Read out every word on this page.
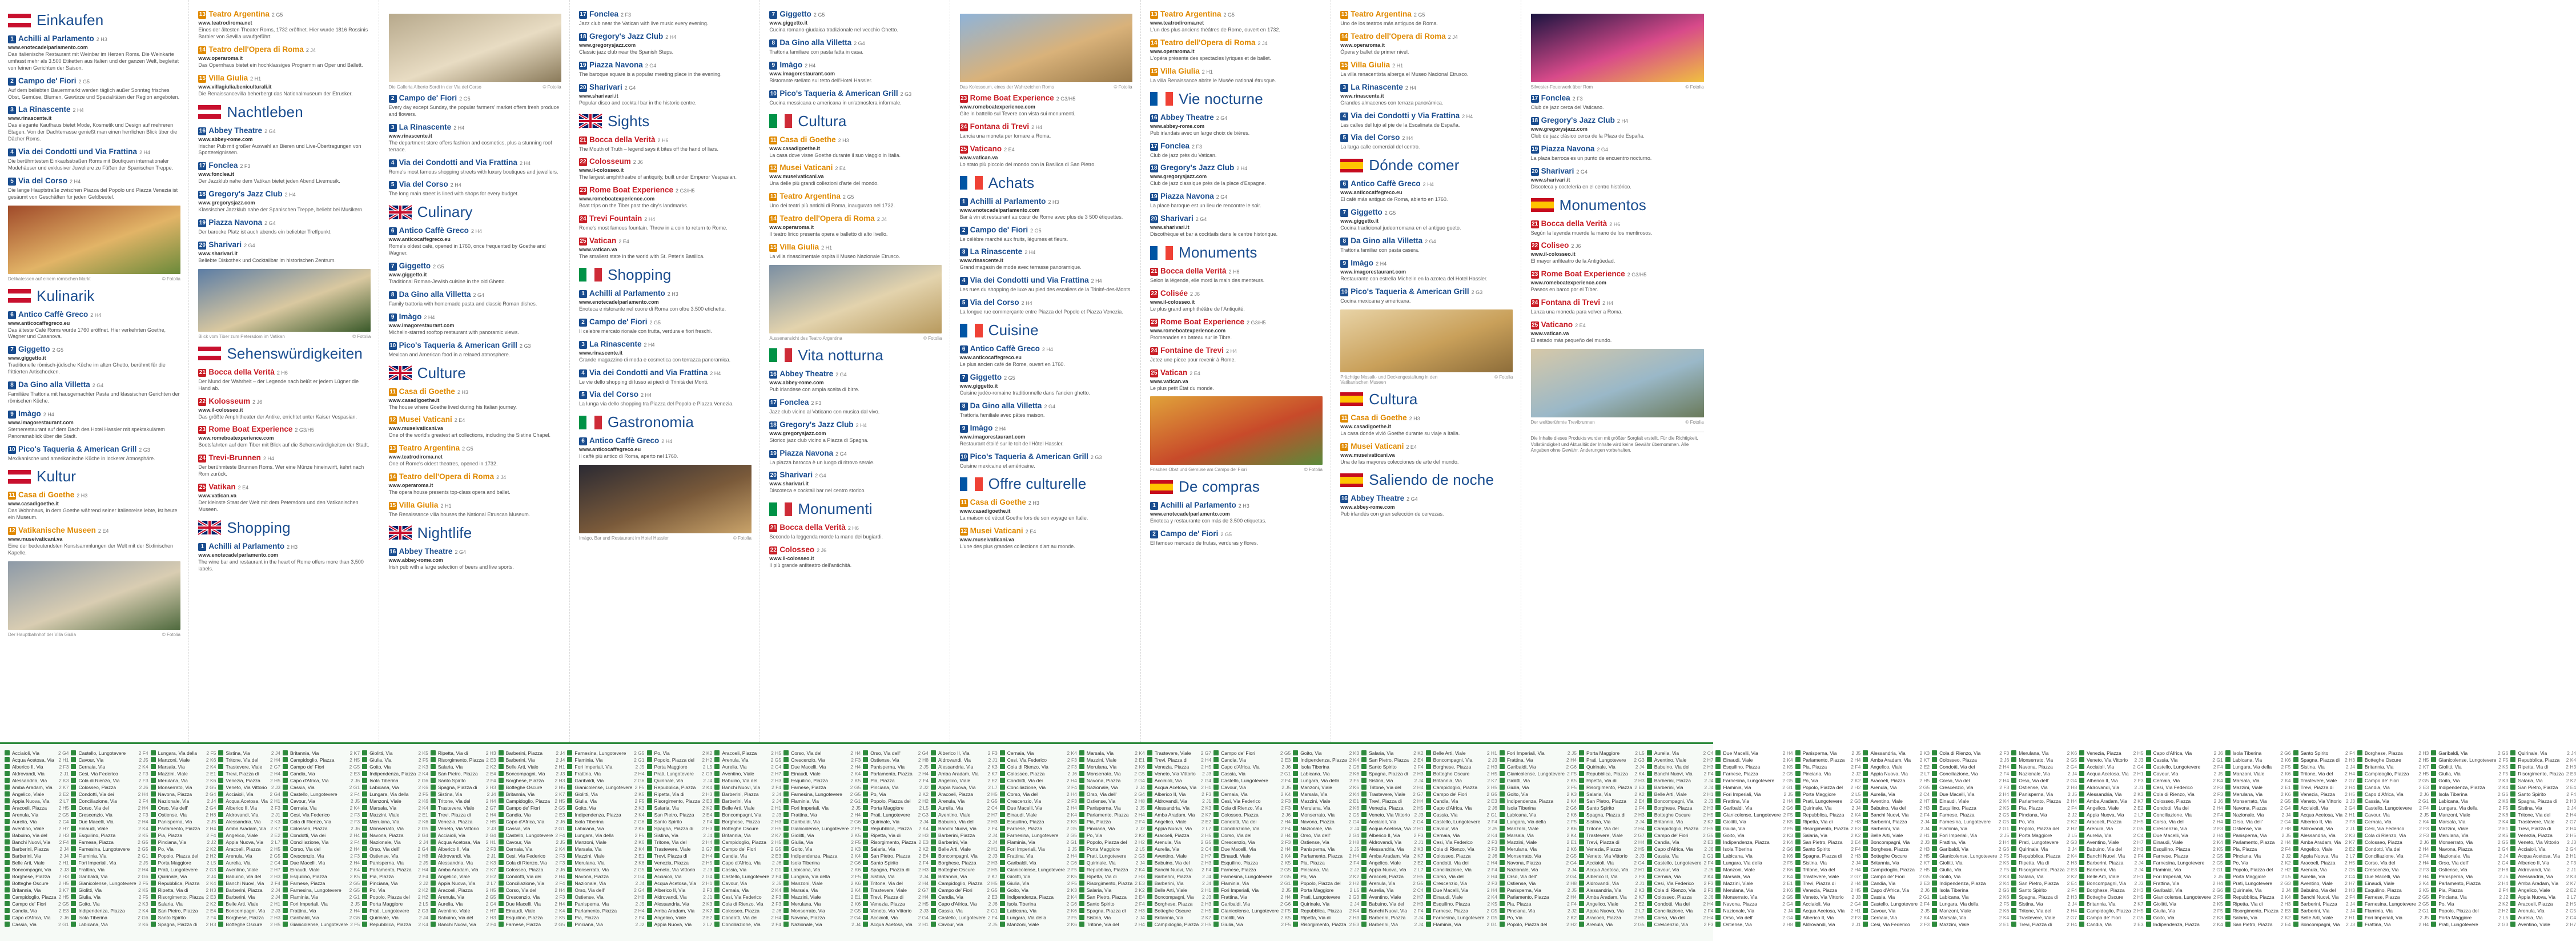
Einkaufen
1 Achilli al Parlamento 2 H3
www.enotecadelparlamento.com
Das italienische Restaurant mit Weinbar im Herzen Roms. Die Weinkarte umfasst mehr als 3.500 Etiketten aus Italien und der ganzen Welt, begleitet von feinen Gerichten der Saison.
2 Campo de' Fiori 2 G5
Auf dem beliebten Bauernmarkt werden täglich außer Sonntag frisches Obst, Gemüse, Blumen, Gewürze und Spezialitäten der Region angeboten.
3 La Rinascente 2 H4
www.rinascente.it
Das elegante Kaufhaus bietet Mode, Kosmetik und Design auf mehreren Etagen. Von der Dachterrasse genießt man einen herrlichen Blick über die Dächer Roms.
4 Via dei Condotti und Via Frattina 2 H4
Die berühmtesten Einkaufsstraßen Roms mit Boutiquen internationaler Modehäuser und exklusiver Juweliere zu Füßen der Spanischen Treppe.
5 Via del Corso 2 H4
Die lange Hauptstraße zwischen Piazza del Popolo und Piazza Venezia ist gesäumt von Geschäften für jeden Geldbeutel.
Delikatessen auf einem römischen Markt	© Fotolia
Kulinarik
6 Antico Caffè Greco 2 H4
www.anticocaffegreco.eu
Das älteste Café Roms wurde 1760 eröffnet. Hier verkehrten Goethe, Wagner und Casanova.
7 Giggetto 2 G5
www.giggetto.it
Traditionelle römisch-jüdische Küche im alten Ghetto, berühmt für die frittierten Artischocken.
8 Da Gino alla Villetta 2 G4
Familiäre Trattoria mit hausgemachter Pasta und klassischen Gerichten der römischen Küche.
9 Imàgo 2 H4
www.imagorestaurant.com
Sternerestaurant auf dem Dach des Hotel Hassler mit spektakulärem Panoramablick über die Stadt.
10 Pico's Taqueria & American Grill 2 G3
Mexikanische und amerikanische Küche in lockerer Atmosphäre.
Kultur
11 Casa di Goethe 2 H3
www.casadigoethe.it
Das Wohnhaus, in dem Goethe während seiner Italienreise lebte, ist heute ein Museum.
12 Vatikanische Museen 2 E4
www.museivaticani.va
Eine der bedeutendsten Kunstsammlungen der Welt mit der Sixtinischen Kapelle.
Der Hauptbahnhof der Villa Giulia	© Fotolia
13 Teatro Argentina 2 G5
www.teatrodiroma.net
Eines der ältesten Theater Roms, 1732 eröffnet. Hier wurde 1816 Rossinis Barbier von Sevilla uraufgeführt.
14 Teatro dell'Opera di Roma 2 J4
www.operaroma.it
Das Opernhaus bietet ein hochklassiges Programm an Oper und Ballett.
15 Villa Giulia 2 H1
www.villagiulia.beniculturali.it
Die Renaissancevilla beherbergt das Nationalmuseum der Etrusker.
Nachtleben
16 Abbey Theatre 2 G4
www.abbey-rome.com
Irischer Pub mit großer Auswahl an Bieren und Live-Übertragungen von Sportereignissen.
17 Fonclea 2 F3
www.fonclea.it
Der Jazzklub nahe dem Vatikan bietet jeden Abend Livemusik.
18 Gregory's Jazz Club 2 H4
www.gregorysjazz.com
Klassischer Jazzklub nahe der Spanischen Treppe, beliebt bei Musikern.
19 Piazza Navona 2 G4
Der barocke Platz ist auch abends ein beliebter Treffpunkt.
20 Sharivari 2 G4
www.sharivari.it
Beliebte Diskothek und Cocktailbar im historischen Zentrum.
Blick vom Tiber zum Petersdom im Vatikan	© Fotolia
Sehenswürdigkeiten
21 Bocca della Verità 2 H6
Der Mund der Wahrheit – der Legende nach beißt er jedem Lügner die Hand ab.
22 Kolosseum 2 J6
www.il-colosseo.it
Das größte Amphitheater der Antike, errichtet unter Kaiser Vespasian.
23 Rome Boat Experience 2 G3/H5
www.romeboatexperience.com
Bootsfahrten auf dem Tiber mit Blick auf die Sehenswürdigkeiten der Stadt.
24 Trevi-Brunnen 2 H4
Der berühmteste Brunnen Roms. Wer eine Münze hineinwirft, kehrt nach Rom zurück.
25 Vatikan 2 E4
www.vatican.va
Der kleinste Staat der Welt mit dem Petersdom und den Vatikanischen Museen.
Shopping
1 Achilli al Parlamento 2 H3
www.enotecadelparlamento.com
The wine bar and restaurant in the heart of Rome offers more than 3,500 labels.
Die Galleria Alberto Sordi in der Via del Corso	© Fotolia
2 Campo de' Fiori 2 G5
Every day except Sunday, the popular farmers' market offers fresh produce and flowers.
3 La Rinascente 2 H4
www.rinascente.it
The department store offers fashion and cosmetics, plus a stunning roof terrace.
4 Via dei Condotti and Via Frattina 2 H4
Rome's most famous shopping streets with luxury boutiques and jewellers.
5 Via del Corso 2 H4
The long main street is lined with shops for every budget.
Culinary
6 Antico Caffè Greco 2 H4
www.anticocaffegreco.eu
Rome's oldest café, opened in 1760, once frequented by Goethe and Wagner.
7 Giggetto 2 G5
www.giggetto.it
Traditional Roman-Jewish cuisine in the old Ghetto.
8 Da Gino alla Villetta 2 G4
Family trattoria with homemade pasta and classic Roman dishes.
9 Imàgo 2 H4
www.imagorestaurant.com
Michelin-starred rooftop restaurant with panoramic views.
10 Pico's Taqueria & American Grill 2 G3
Mexican and American food in a relaxed atmosphere.
Culture
11 Casa di Goethe 2 H3
www.casadigoethe.it
The house where Goethe lived during his Italian journey.
12 Musei Vaticani 2 E4
www.museivaticani.va
One of the world's greatest art collections, including the Sistine Chapel.
13 Teatro Argentina 2 G5
www.teatrodiroma.net
One of Rome's oldest theatres, opened in 1732.
14 Teatro dell'Opera di Roma 2 J4
www.operaroma.it
The opera house presents top-class opera and ballet.
15 Villa Giulia 2 H1
The Renaissance villa houses the National Etruscan Museum.
Nightlife
16 Abbey Theatre 2 G4
www.abbey-rome.com
Irish pub with a large selection of beers and live sports.
17 Fonclea 2 F3
Jazz club near the Vatican with live music every evening.
18 Gregory's Jazz Club 2 H4
www.gregorysjazz.com
Classic jazz club near the Spanish Steps.
19 Piazza Navona 2 G4
The baroque square is a popular meeting place in the evening.
20 Sharivari 2 G4
www.sharivari.it
Popular disco and cocktail bar in the historic centre.
Sights
21 Bocca della Verità 2 H6
The Mouth of Truth – legend says it bites off the hand of liars.
22 Colosseum 2 J6
www.il-colosseo.it
The largest amphitheatre of antiquity, built under Emperor Vespasian.
23 Rome Boat Experience 2 G3/H5
www.romeboatexperience.com
Boat trips on the Tiber past the city's landmarks.
24 Trevi Fountain 2 H4
Rome's most famous fountain. Throw in a coin to return to Rome.
25 Vatican 2 E4
www.vatican.va
The smallest state in the world with St. Peter's Basilica.
Shopping
1 Achilli al Parlamento 2 H3
www.enotecadelparlamento.com
Enoteca e ristorante nel cuore di Roma con oltre 3.500 etichette.
2 Campo de' Fiori 2 G5
Il celebre mercato rionale con frutta, verdura e fiori freschi.
3 La Rinascente 2 H4
www.rinascente.it
Grande magazzino di moda e cosmetica con terrazza panoramica.
4 Via dei Condotti and Via Frattina 2 H4
Le vie dello shopping di lusso ai piedi di Trinità dei Monti.
5 Via del Corso 2 H4
La lunga via dello shopping tra Piazza del Popolo e Piazza Venezia.
Gastronomia
6 Antico Caffè Greco 2 H4
www.anticocaffegreco.eu
Il caffè più antico di Roma, aperto nel 1760.
Imàgo, Bar und Restaurant im Hotel Hassler	© Fotolia
7 Giggetto 2 G5
www.giggetto.it
Cucina romano-giudaica tradizionale nel vecchio Ghetto.
8 Da Gino alla Villetta 2 G4
Trattoria familiare con pasta fatta in casa.
9 Imàgo 2 H4
www.imagorestaurant.com
Ristorante stellato sul tetto dell'Hotel Hassler.
10 Pico's Taqueria & American Grill 2 G3
Cucina messicana e americana in un'atmosfera informale.
Cultura
11 Casa di Goethe 2 H3
www.casadigoethe.it
La casa dove visse Goethe durante il suo viaggio in Italia.
12 Musei Vaticani 2 E4
www.museivaticani.va
Una delle più grandi collezioni d'arte del mondo.
13 Teatro Argentina 2 G5
Uno dei teatri più antichi di Roma, inaugurato nel 1732.
14 Teatro dell'Opera di Roma 2 J4
www.operaroma.it
Il teatro lirico presenta opera e balletto di alto livello.
15 Villa Giulia 2 H1
La villa rinascimentale ospita il Museo Nazionale Etrusco.
Aussenansicht des Teatro Argentina	© Fotolia
Vita notturna
16 Abbey Theatre 2 G4
www.abbey-rome.com
Pub irlandese con ampia scelta di birre.
17 Fonclea 2 F3
Jazz club vicino al Vaticano con musica dal vivo.
18 Gregory's Jazz Club 2 H4
www.gregorysjazz.com
Storico jazz club vicino a Piazza di Spagna.
19 Piazza Navona 2 G4
La piazza barocca è un luogo di ritrovo serale.
20 Sharivari 2 G4
www.sharivari.it
Discoteca e cocktail bar nel centro storico.
Monumenti
21 Bocca della Verità 2 H6
Secondo la leggenda morde la mano dei bugiardi.
22 Colosseo 2 J6
www.il-colosseo.it
Il più grande anfiteatro dell'antichità.
Das Kolosseum, eines der Wahrzeichen Roms	© Fotolia
23 Rome Boat Experience 2 G3/H5
www.romeboatexperience.com
Gite in battello sul Tevere con vista sui monumenti.
24 Fontana di Trevi 2 H4
Lancia una moneta per tornare a Roma.
25 Vaticano 2 E4
www.vatican.va
Lo stato più piccolo del mondo con la Basilica di San Pietro.
Achats
1 Achilli al Parlamento 2 H3
www.enotecadelparlamento.com
Bar à vin et restaurant au cœur de Rome avec plus de 3 500 étiquettes.
2 Campo de' Fiori 2 G5
Le célèbre marché aux fruits, légumes et fleurs.
3 La Rinascente 2 H4
www.rinascente.it
Grand magasin de mode avec terrasse panoramique.
4 Via dei Condotti und Via Frattina 2 H4
Les rues du shopping de luxe au pied des escaliers de la Trinité-des-Monts.
5 Via del Corso 2 H4
La longue rue commerçante entre Piazza del Popolo et Piazza Venezia.
Cuisine
6 Antico Caffè Greco 2 H4
www.anticocaffegreco.eu
Le plus ancien café de Rome, ouvert en 1760.
7 Giggetto 2 G5
www.giggetto.it
Cuisine judéo-romaine traditionnelle dans l'ancien ghetto.
8 Da Gino alla Villetta 2 G4
Trattoria familiale avec pâtes maison.
9 Imàgo 2 H4
www.imagorestaurant.com
Restaurant étoilé sur le toit de l'Hôtel Hassler.
10 Pico's Taqueria & American Grill 2 G3
Cuisine mexicaine et américaine.
Offre culturelle
11 Casa di Goethe 2 H3
www.casadigoethe.it
La maison où vécut Goethe lors de son voyage en Italie.
12 Musei Vaticani 2 E4
www.museivaticani.va
L'une des plus grandes collections d'art au monde.
13 Teatro Argentina 2 G5
www.teatrodiroma.net
L'un des plus anciens théâtres de Rome, ouvert en 1732.
14 Teatro dell'Opera di Roma 2 J4
www.operaroma.it
L'opéra présente des spectacles lyriques et de ballet.
15 Villa Giulia 2 H1
La villa Renaissance abrite le Musée national étrusque.
Vie nocturne
16 Abbey Theatre 2 G4
www.abbey-rome.com
Pub irlandais avec un large choix de bières.
17 Fonclea 2 F3
Club de jazz près du Vatican.
18 Gregory's Jazz Club 2 H4
www.gregorysjazz.com
Club de jazz classique près de la place d'Espagne.
19 Piazza Navona 2 G4
La place baroque est un lieu de rencontre le soir.
20 Sharivari 2 G4
www.sharivari.it
Discothèque et bar à cocktails dans le centre historique.
Monuments
21 Bocca della Verità 2 H6
Selon la légende, elle mord la main des menteurs.
22 Colisée 2 J6
www.il-colosseo.it
Le plus grand amphithéâtre de l'Antiquité.
23 Rome Boat Experience 2 G3/H5
www.romeboatexperience.com
Promenades en bateau sur le Tibre.
24 Fontaine de Trevi 2 H4
Jetez une pièce pour revenir à Rome.
25 Vatican 2 E4
www.vatican.va
Le plus petit État du monde.
Frisches Obst und Gemüse am Campo de' Fiori	© Fotolia
De compras
1 Achilli al Parlamento 2 H3
www.enotecadelparlamento.com
Enoteca y restaurante con más de 3.500 etiquetas.
2 Campo de' Fiori 2 G5
El famoso mercado de frutas, verduras y flores.
13 Teatro Argentina 2 G5
Uno de los teatros más antiguos de Roma.
14 Teatro dell'Opera di Roma 2 J4
www.operaroma.it
Ópera y ballet de primer nivel.
15 Villa Giulia 2 H1
La villa renacentista alberga el Museo Nacional Etrusco.
3 La Rinascente 2 H4
www.rinascente.it
Grandes almacenes con terraza panorámica.
4 Via dei Condotti y Via Frattina 2 H4
Las calles del lujo al pie de la Escalinata de España.
5 Via del Corso 2 H4
La larga calle comercial del centro.
Dónde comer
6 Antico Caffè Greco 2 H4
www.anticocaffegreco.eu
El café más antiguo de Roma, abierto en 1760.
7 Giggetto 2 G5
www.giggetto.it
Cocina tradicional judeorromana en el antiguo gueto.
8 Da Gino alla Villetta 2 G4
Trattoria familiar con pasta casera.
9 Imàgo 2 H4
www.imagorestaurant.com
Restaurante con estrella Michelin en la azotea del Hotel Hassler.
10 Pico's Taqueria & American Grill 2 G3
Cocina mexicana y americana.
Prächtige Mosaik- und Deckengestaltung in den Vatikanischen Museen
© Fotolia
Cultura
11 Casa di Goethe 2 H3
www.casadigoethe.it
La casa donde vivió Goethe durante su viaje a Italia.
12 Musei Vaticani 2 E4
www.museivaticani.va
Una de las mayores colecciones de arte del mundo.
Saliendo de noche
16 Abbey Theatre 2 G4
www.abbey-rome.com
Pub irlandés con gran selección de cervezas.
Silvester-Feuerwerk über Rom	© Fotolia
17 Fonclea 2 F3
Club de jazz cerca del Vaticano.
18 Gregory's Jazz Club 2 H4
www.gregorysjazz.com
Club de jazz clásico cerca de la Plaza de España.
19 Piazza Navona 2 G4
La plaza barroca es un punto de encuentro nocturno.
20 Sharivari 2 G4
www.sharivari.it
Discoteca y coctelería en el centro histórico.
Monumentos
21 Bocca della Verità 2 H6
Según la leyenda muerde la mano de los mentirosos.
22 Coliseo 2 J6
www.il-colosseo.it
El mayor anfiteatro de la Antigüedad.
23 Rome Boat Experience 2 G3/H5
www.romeboatexperience.com
Paseos en barco por el Tíber.
24 Fontana di Trevi 2 H4
Lanza una moneda para volver a Roma.
25 Vaticano 2 E4
www.vatican.va
El estado más pequeño del mundo.
Der weltberühmte Trevibrunnen	© Fotolia
Die Inhalte dieses Produkts wurden mit größter Sorgfalt erstellt. Für die Richtigkeit, Vollständigkeit und Aktualität der Inhalte wird keine Gewähr übernommen. Alle Angaben ohne Gewähr. Änderungen vorbehalten.
Acciaioli, Via	2 G4
Acqua Acetosa, Via 2 H1
Alberico II, Via	2 F3
Aldrovandi, Via	2 J1
Alessandria, Via 2 K3
Amba Aradam, Via 2 K7
Angelico, Viale	2 E2
Appia Nuova, Via 2 L7
Aracoeli, Piazza 2 H5
Arenula, Via	2 G5
Aurelia, Via	2 C4
Aventino, Viale	2 H7
Babuino, Via del 2 H3
Banchi Nuovi, Via 2 F4
Barberini, Piazza 2 J4
Barberini, Via	2 J4
Belle Arti, Viale	2 H1
Boncompagni, Via 2 J3
Borghese, Piazza 2 H3
Botteghe Oscure 2 H5
Britannia, Via	2 K7
Campidoglio, Piazza 2 H5
Campo de' Fiori	2 G5
Candia, Via	2 E3
Capo d'Africa, Via 2 J6
Cassia, Via	2 G1
Castello, Lungotevere	2 F4
Cavour, Via	2 J5
Cernaia, Via	2 K4
Cesi, Via Federico	2 F3
Cola di Rienzo, Via	2 F3
Colosseo, Piazza	2 J6
Condotti, Via dei	2 H4
Conciliazione, Via	2 F4
Corso, Via del	2 H4
Crescenzio, Via	2 F3
Due Macelli, Via	2 H4
Einaudi, Viale	2 K4
Esquilino, Piazza	2 K5
Farnese, Piazza	2 G5
Farnesina, Lungotevere 2 G5
Flaminia, Via	2 G1
Fori Imperiali, Via	2 J5
Frattina, Via	2 H4
Garibaldi, Via	2 G6
Gianicolense, Lungotevere 2 F5
Giolitti, Via	2 K5
Giulia, Via	2 F5
Goito, Via	2 K3
Indipendenza, Piazza	2 K4
Isola Tiberina	2 G6
Labicana, Via	2 K6
Lungara, Via della 2 F5
Manzoni, Viale	2 K6
Marsala, Via	2 K4
Mazzini, Viale	2 E1
Merulana, Via	2 K6
Monserrato, Via	2 G5
Navona, Piazza	2 G4
Nazionale, Via	2 J4
Orso, Via dell'	2 G4
Ostiense, Via	2 H8
Panisperna, Via	2 J5
Parlamento, Piazza 2 H4
Pia, Piazza	2 F4
Pinciana, Via	2 J2
Po, Via	2 K2
Popolo, Piazza del 2 H2
Porta Maggiore	2 L5
Prati, Lungotevere 2 G3
Quirinale, Via	2 J4
Repubblica, Piazza 2 K4
Ripetta, Via di	2 H3
Risorgimento, Piazza 2 E3
Salaria, Via	2 K2
San Pietro, Piazza 2 E4
Santo Spirito	2 F4
Spagna, Piazza di 2 H3
Sistina, Via	2 J4
Tritone, Via del 2 H4
Trastevere, Viale 2 G7
Trevi, Piazza di 2 H4
Venezia, Piazza 2 H5
Veneto, Via Vittorio 2 J3
Acciaioli, Via	2 G4
Acqua Acetosa, Via 2 H1
Alberico II, Via	2 F3
Aldrovandi, Via	2 J1
Alessandria, Via 2 K3
Amba Aradam, Via 2 K7
Angelico, Viale	2 E2
Appia Nuova, Via 2 L7
Aracoeli, Piazza 2 H5
Arenula, Via	2 G5
Aurelia, Via	2 C4
Aventino, Viale 2 H7
Babuino, Via del 2 H3
Banchi Nuovi, Via 2 F4
Barberini, Piazza 2 J4
Barberini, Via	2 J4
Belle Arti, Viale 2 H1
Boncompagni, Via 2 J3
Borghese, Piazza 2 H3
Botteghe Oscure 2 H5
Britannia, Via	2 K7
Campidoglio, Piazza	2 H5
Campo de' Fiori	2 G5
Candia, Via	2 E3
Capo d'Africa, Via	2 J6
Cassia, Via	2 G1
Castello, Lungotevere	2 F4
Cavour, Via	2 J5
Cernaia, Via	2 K4
Cesi, Via Federico	2 F3
Cola di Rienzo, Via	2 F3
Colosseo, Piazza	2 J6
Condotti, Via dei	2 H4
Conciliazione, Via	2 F4
Corso, Via del	2 H4
Crescenzio, Via	2 F3
Due Macelli, Via	2 H4
Einaudi, Viale	2 K4
Esquilino, Piazza	2 K5
Farnese, Piazza	2 G5
Farnesina, Lungotevere 2 G5
Flaminia, Via	2 G1
Fori Imperiali, Via	2 J5
Frattina, Via	2 H4
Garibaldi, Via	2 G6
Gianicolense, Lungotevere 2 F5
Giolitti, Via	2 K5
Giulia, Via	2 F5
Goito, Via	2 K3
Indipendenza, Piazza 2 K4
Isola Tiberina	2 G6
Labicana, Via	2 K6
Lungara, Via della 2 F5
Manzoni, Viale	2 K6
Marsala, Via	2 K4
Mazzini, Viale	2 E1
Merulana, Via	2 K6
Monserrato, Via	2 G5
Navona, Piazza	2 G4
Nazionale, Via	2 J4
Orso, Via dell'	2 G4
Ostiense, Via	2 H8
Panisperna, Via	2 J5
Parlamento, Piazza 2 H4
Pia, Piazza	2 F4
Pinciana, Via	2 J2
Po, Via	2 K2
Popolo, Piazza del 2 H2
Porta Maggiore	2 L5
Prati, Lungotevere 2 G3
Quirinale, Via	2 J4
Repubblica, Piazza 2 K4
Ripetta, Via di	2 H3
Risorgimento, Piazza 2 E3
Salaria, Via	2 K2
San Pietro, Piazza 2 E4
Santo Spirito	2 F4
Spagna, Piazza di 2 H3
Sistina, Via	2 J4
Tritone, Via del	2 H4
Trastevere, Viale 2 G7
Trevi, Piazza di	2 H4
Venezia, Piazza	2 H5
Veneto, Via Vittorio 2 J3
Acciaioli, Via	2 G4
Acqua Acetosa, Via 2 H1
Alberico II, Via	2 F3
Aldrovandi, Via	2 J1
Alessandria, Via	2 K3
Amba Aradam, Via 2 K7
Angelico, Viale	2 E2
Appia Nuova, Via 2 L7
Aracoeli, Piazza	2 H5
Arenula, Via	2 G5
Aurelia, Via	2 C4
Aventino, Viale	2 H7
Babuino, Via del	2 H3
Banchi Nuovi, Via 2 F4
Barberini, Piazza	2 J4
Barberini, Via	2 J4
Belle Arti, Viale	2 H1
Boncompagni, Via 2 J3
Borghese, Piazza 2 H3
Botteghe Oscure	2 H5
Britannia, Via	2 K7
Campidoglio, Piazza 2 H5
Campo de' Fiori	2 G5
Candia, Via	2 E3
Capo d'Africa, Via 2 J6
Cassia, Via	2 G1
Castello, Lungotevere 2 F4
Cavour, Via	2 J5
Cernaia, Via	2 K4
Cesi, Via Federico 2 F3
Cola di Rienzo, Via 2 F3
Colosseo, Piazza	2 J6
Condotti, Via dei	2 H4
Conciliazione, Via 2 F4
Corso, Via del	2 H4
Crescenzio, Via	2 F3
Due Macelli, Via	2 H4
Einaudi, Viale	2 K4
Esquilino, Piazza	2 K5
Farnese, Piazza	2 G5
Farnesina, Lungotevere 2 G5
Flaminia, Via	2 G1
Fori Imperiali, Via	2 J5
Frattina, Via	2 H4
Garibaldi, Via	2 G6
Gianicolense, Lungotevere 2 F5
Giolitti, Via	2 K5
Giulia, Via	2 F5
Goito, Via	2 K3
Indipendenza, Piazza	2 K4
Isola Tiberina	2 G6
Labicana, Via	2 K6
Lungara, Via della	2 F5
Manzoni, Viale	2 K6
Marsala, Via	2 K4
Mazzini, Viale	2 E1
Merulana, Via	2 K6
Monserrato, Via	2 G5
Navona, Piazza	2 G4
Nazionale, Via	2 J4
Orso, Via dell'	2 G4
Ostiense, Via	2 H8
Panisperna, Via	2 J5
Parlamento, Piazza	2 H4
Pia, Piazza	2 F4
Pinciana, Via	2 J2
Po, Via	2 K2
Popolo, Piazza del 2 H2
Porta Maggiore	2 L5
Prati, Lungotevere 2 G3
Quirinale, Via	2 J4
Repubblica, Piazza 2 K4
Ripetta, Via di	2 H3
Risorgimento, Piazza 2 E3
Salaria, Via	2 K2
San Pietro, Piazza 2 E4
Santo Spirito	2 F4
Spagna, Piazza di 2 H3
Sistina, Via	2 J4
Tritone, Via del	2 H4
Trastevere, Viale 2 G7
Trevi, Piazza di	2 H4
Venezia, Piazza	2 H5
Veneto, Via Vittorio 2 J3
Acciaioli, Via	2 G4
Acqua Acetosa, Via 2 H1
Alberico II, Via	2 F3
Aldrovandi, Via	2 J1
Alessandria, Via	2 K3
Amba Aradam, Via 2 K7
Angelico, Viale	2 E2
Appia Nuova, Via 2 L7
Aracoeli, Piazza	2 H5
Arenula, Via	2 G5
Aurelia, Via	2 C4
Aventino, Viale	2 H7
Babuino, Via del	2 H3
Banchi Nuovi, Via 2 F4
Barberini, Piazza	2 J4
Barberini, Via	2 J4
Belle Arti, Viale	2 H1
Boncompagni, Via 2 J3
Borghese, Piazza 2 H3
Botteghe Oscure	2 H5
Britannia, Via	2 K7
Campidoglio, Piazza 2 H5
Campo de' Fiori	2 G5
Candia, Via	2 E3
Capo d'Africa, Via 2 J6
Cassia, Via	2 G1
Castello, Lungotevere 2 F4
Cavour, Via	2 J5
Cernaia, Via	2 K4
Cesi, Via Federico 2 F3
Cola di Rienzo, Via 2 F3
Colosseo, Piazza	2 J6
Condotti, Via dei	2 H4
Conciliazione, Via 2 F4
Corso, Via del	2 H4
Crescenzio, Via	2 F3
Due Macelli, Via	2 H4
Einaudi, Viale	2 K4
Esquilino, Piazza	2 K5
Farnese, Piazza	2 G5
Farnesina, Lungotevere 2 G5
Flaminia, Via	2 G1
Fori Imperiali, Via	2 J5
Frattina, Via	2 H4
Garibaldi, Via	2 G6
Gianicolense, Lungotevere 2 F5
Giolitti, Via	2 K5
Giulia, Via	2 F5
Goito, Via	2 K3
Indipendenza, Piazza	2 K4
Isola Tiberina	2 G6
Labicana, Via	2 K6
Lungara, Via della	2 F5
Manzoni, Viale	2 K6
Marsala, Via	2 K4
Mazzini, Viale	2 E1
Merulana, Via	2 K6
Monserrato, Via	2 G5
Navona, Piazza	2 G4
Nazionale, Via	2 J4
Orso, Via dell'	2 G4
Ostiense, Via	2 H8
Panisperna, Via	2 J5
Parlamento, Piazza 2 H4
Pia, Piazza	2 F4
Pinciana, Via	2 J2
Po, Via	2 K2
Popolo, Piazza del 2 H2
Porta Maggiore	2 L5
Prati, Lungotevere 2 G3
Quirinale, Via	2 J4
Repubblica, Piazza 2 K4
Ripetta, Via di	2 H3
Risorgimento, Piazza 2 E3
Salaria, Via	2 K2
San Pietro, Piazza 2 E4
Santo Spirito	2 F4
Spagna, Piazza di 2 H3
Sistina, Via	2 J4
Tritone, Via del	2 H4
Trastevere, Viale 2 G7
Trevi, Piazza di	2 H4
Venezia, Piazza	2 H5
Veneto, Via Vittorio 2 J3
Acciaioli, Via	2 G4
Acqua Acetosa, Via 2 H1
Alberico II, Via	2 F3
Aldrovandi, Via	2 J1
Alessandria, Via	2 K3
Amba Aradam, Via 2 K7
Angelico, Viale	2 E2
Appia Nuova, Via	2 L7
Aracoeli, Piazza	2 H5
Arenula, Via	2 G5
Aurelia, Via	2 C4
Aventino, Viale	2 H7
Babuino, Via del	2 H3
Banchi Nuovi, Via 2 F4
Barberini, Piazza	2 J4
Barberini, Via	2 J4
Belle Arti, Viale	2 H1
Boncompagni, Via 2 J3
Borghese, Piazza 2 H3
Botteghe Oscure	2 H5
Britannia, Via	2 K7
Campidoglio, Piazza 2 H5
Campo de' Fiori	2 G5
Candia, Via	2 E3
Capo d'Africa, Via 2 J6
Cassia, Via	2 G1
Castello, Lungotevere 2 F4
Cavour, Via	2 J5
Cernaia, Via	2 K4
Cesi, Via Federico	2 F3
Cola di Rienzo, Via	2 F3
Colosseo, Piazza	2 J6
Condotti, Via dei	2 H4
Conciliazione, Via	2 F4
Corso, Via del	2 H4
Crescenzio, Via	2 F3
Due Macelli, Via	2 H4
Einaudi, Viale	2 K4
Esquilino, Piazza	2 K5
Farnese, Piazza	2 G5
Farnesina, Lungotevere 2 G5
Flaminia, Via	2 G1
Fori Imperiali, Via	2 J5
Frattina, Via	2 H4
Garibaldi, Via	2 G6
Gianicolense, Lungotevere 2 F5
Giolitti, Via	2 K5
Giulia, Via	2 F5
Goito, Via	2 K3
Indipendenza, Piazza	2 K4
Isola Tiberina	2 G6
Labicana, Via	2 K6
Lungara, Via della	2 F5
Manzoni, Viale	2 K6
Marsala, Via	2 K4
Mazzini, Viale	2 E1
Merulana, Via	2 K6
Monserrato, Via	2 G5
Navona, Piazza	2 G4
Nazionale, Via	2 J4
Orso, Via dell'	2 G4
Ostiense, Via	2 H8
Panisperna, Via	2 J5
Parlamento, Piazza 2 H4
Pia, Piazza	2 F4
Pinciana, Via	2 J2
Po, Via	2 K2
Popolo, Piazza del 2 H2
Porta Maggiore	2 L5
Prati, Lungotevere 2 G3
Quirinale, Via	2 J4
Repubblica, Piazza 2 K4
Ripetta, Via di	2 H3
Risorgimento, Piazza 2 E3
Salaria, Via	2 K2
San Pietro, Piazza 2 E4
Santo Spirito	2 F4
Spagna, Piazza di 2 H3
Sistina, Via	2 J4
Tritone, Via del	2 H4
Trastevere, Viale 2 G7
Trevi, Piazza di	2 H4
Venezia, Piazza 2 H5
Veneto, Via Vittorio 2 J3
Acciaioli, Via	2 G4
Acqua Acetosa, Via 2 H1
Alberico II, Via	2 F3
Aldrovandi, Via	2 J1
Alessandria, Via 2 K3
Amba Aradam, Via 2 K7
Angelico, Viale	2 E2
Appia Nuova, Via 2 L7
Aracoeli, Piazza 2 H5
Arenula, Via	2 G5
Aurelia, Via	2 C4
Aventino, Viale	2 H7
Babuino, Via del 2 H3
Banchi Nuovi, Via 2 F4
Barberini, Piazza 2 J4
Barberini, Via	2 J4
Belle Arti, Viale	2 H1
Boncompagni, Via 2 J3
Borghese, Piazza 2 H3
Botteghe Oscure 2 H5
Britannia, Via	2 K7
Campidoglio, Piazza 2 H5
Campo de' Fiori	2 G5
Candia, Via	2 E3
Capo d'Africa, Via	2 J6
Cassia, Via	2 G1
Castello, Lungotevere	2 F4
Cavour, Via	2 J5
Cernaia, Via	2 K4
Cesi, Via Federico	2 F3
Cola di Rienzo, Via	2 F3
Colosseo, Piazza	2 J6
Condotti, Via dei	2 H4
Conciliazione, Via	2 F4
Corso, Via del	2 H4
Crescenzio, Via	2 F3
Due Macelli, Via	2 H4
Einaudi, Viale	2 K4
Esquilino, Piazza	2 K5
Farnese, Piazza	2 G5
Farnesina, Lungotevere 2 G5
Flaminia, Via	2 G1
Fori Imperiali, Via	2 J5
Frattina, Via	2 H4
Garibaldi, Via	2 G6
Gianicolense, Lungotevere 2 F5
Giolitti, Via	2 K5
Giulia, Via	2 F5
Goito, Via	2 K3
Indipendenza, Piazza 2 K4
Isola Tiberina	2 G6
Labicana, Via	2 K6
Lungara, Via della 2 F5
Manzoni, Viale	2 K6
Marsala, Via	2 K4
Mazzini, Viale	2 E1
Merulana, Via	2 K6
Monserrato, Via	2 G5
Navona, Piazza	2 G4
Nazionale, Via	2 J4
Orso, Via dell'	2 G4
Ostiense, Via	2 H8
Panisperna, Via	2 J5
Parlamento, Piazza 2 H4
Pia, Piazza	2 F4
Pinciana, Via	2 J2
Po, Via	2 K2
Popolo, Piazza del 2 H2
Porta Maggiore	2 L5
Prati, Lungotevere 2 G3
Quirinale, Via	2 J4
Repubblica, Piazza 2 K4
Ripetta, Via di	2 H3
Risorgimento, Piazza 2 E3
Salaria, Via	2 K2
San Pietro, Piazza 2 E4
Santo Spirito	2 F4
Spagna, Piazza di 2 H3
Sistina, Via	2 J4
Tritone, Via del 2 H4
Trastevere, Viale 2 G7
Trevi, Piazza di 2 H4
Venezia, Piazza 2 H5
Veneto, Via Vittorio 2 J3
Acciaioli, Via	2 G4
Acqua Acetosa, Via 2 H1
Alberico II, Via	2 F3
Aldrovandi, Via	2 J1
Alessandria, Via 2 K3
Amba Aradam, Via 2 K7
Angelico, Viale	2 E2
Appia Nuova, Via 2 L7
Aracoeli, Piazza 2 H5
Arenula, Via	2 G5
Aurelia, Via	2 C4
Aventino, Viale 2 H7
Babuino, Via del 2 H3
Banchi Nuovi, Via 2 F4
Barberini, Piazza 2 J4
Barberini, Via	2 J4
Belle Arti, Viale	2 H1
Boncompagni, Via	2 J3
Borghese, Piazza	2 H3
Botteghe Oscure	2 H5
Britannia, Via	2 K7
Campidoglio, Piazza 2 H5
Campo de' Fiori	2 G5
Candia, Via	2 E3
Capo d'Africa, Via	2 J6
Cassia, Via	2 G1
Castello, Lungotevere 2 F4
Cavour, Via	2 J5
Cernaia, Via	2 K4
Cesi, Via Federico	2 F3
Cola di Rienzo, Via	2 F3
Colosseo, Piazza	2 J6
Condotti, Via dei	2 H4
Conciliazione, Via	2 F4
Corso, Via del	2 H4
Crescenzio, Via	2 F3
Due Macelli, Via	2 H4
Einaudi, Viale	2 K4
Esquilino, Piazza	2 K5
Farnese, Piazza	2 G5
Farnesina, Lungotevere 2 G5
Flaminia, Via	2 G1
Fori Imperiali, Via	2 J5
Frattina, Via	2 H4
Garibaldi, Via	2 G6
Gianicolense, Lungotevere 2 F5
Giolitti, Via	2 K5
Giulia, Via	2 F5
Goito, Via	2 K3
Indipendenza, Piazza	2 K4
Isola Tiberina	2 G6
Labicana, Via	2 K6
Lungara, Via della	2 F5
Manzoni, Viale	2 K6
Marsala, Via	2 K4
Mazzini, Viale	2 E1
Merulana, Via	2 K6
Monserrato, Via	2 G5
Navona, Piazza	2 G4
Nazionale, Via	2 J4
Orso, Via dell'	2 G4
Ostiense, Via	2 H8
Panisperna, Via	2 J5
Parlamento, Piazza	2 H4
Pia, Piazza	2 F4
Pinciana, Via	2 J2
Po, Via	2 K2
Popolo, Piazza del	2 H2
Porta Maggiore	2 L5
Prati, Lungotevere 2 G3
Quirinale, Via	2 J4
Repubblica, Piazza 2 K4
Ripetta, Via di	2 H3
Risorgimento, Piazza 2 E3
Salaria, Via	2 K2
San Pietro, Piazza 2 E4
Santo Spirito	2 F4
Spagna, Piazza di 2 H3
Sistina, Via	2 J4
Tritone, Via del	2 H4
Trastevere, Viale 2 G7
Trevi, Piazza di	2 H4
Venezia, Piazza	2 H5
Veneto, Via Vittorio 2 J3
Acciaioli, Via	2 G4
Acqua Acetosa, Via 2 H1
Alberico II, Via	2 F3
Aldrovandi, Via	2 J1
Alessandria, Via	2 K3
Amba Aradam, Via 2 K7
Angelico, Viale	2 E2
Appia Nuova, Via 2 L7
Aracoeli, Piazza	2 H5
Arenula, Via	2 G5
Aurelia, Via	2 C4
Aventino, Viale	2 H7
Babuino, Via del	2 H3
Banchi Nuovi, Via 2 F4
Barberini, Piazza	2 J4
Barberini, Via	2 J4
Belle Arti, Viale	2 H1
Boncompagni, Via 2 J3
Borghese, Piazza 2 H3
Botteghe Oscure	2 H5
Britannia, Via	2 K7
Campidoglio, Piazza 2 H5
Campo de' Fiori	2 G5
Candia, Via	2 E3
Capo d'Africa, Via 2 J6
Cassia, Via	2 G1
Castello, Lungotevere 2 F4
Cavour, Via	2 J5
Cernaia, Via	2 K4
Cesi, Via Federico 2 F3
Cola di Rienzo, Via 2 F3
Colosseo, Piazza	2 J6
Condotti, Via dei	2 H4
Conciliazione, Via 2 F4
Corso, Via del	2 H4
Crescenzio, Via	2 F3
Due Macelli, Via	2 H4
Einaudi, Viale	2 K4
Esquilino, Piazza	2 K5
Farnese, Piazza	2 G5
Farnesina, Lungotevere 2 G5
Flaminia, Via	2 G1
Fori Imperiali, Via	2 J5
Frattina, Via	2 H4
Garibaldi, Via	2 G6
Gianicolense, Lungotevere 2 F5
Giolitti, Via	2 K5
Giulia, Via	2 F5
Goito, Via	2 K3
Indipendenza, Piazza	2 K4
Isola Tiberina	2 G6
Labicana, Via	2 K6
Lungara, Via della	2 F5
Manzoni, Viale	2 K6
Marsala, Via	2 K4
Mazzini, Viale	2 E1
Merulana, Via	2 K6
Monserrato, Via	2 G5
Navona, Piazza	2 G4
Nazionale, Via	2 J4
Orso, Via dell'	2 G4
Ostiense, Via	2 H8
Panisperna, Via	2 J5
Parlamento, Piazza 2 H4
Pia, Piazza	2 F4
Pinciana, Via	2 J2
Po, Via	2 K2
Popolo, Piazza del 2 H2
Porta Maggiore	2 L5
Prati, Lungotevere 2 G3
Quirinale, Via	2 J4
Repubblica, Piazza 2 K4
Ripetta, Via di	2 H3
Risorgimento, Piazza 2 E3
Salaria, Via	2 K2
San Pietro, Piazza 2 E4
Santo Spirito	2 F4
Spagna, Piazza di 2 H3
Sistina, Via	2 J4
Tritone, Via del	2 H4
Trastevere, Viale 2 G7
Trevi, Piazza di	2 H4
Venezia, Piazza	2 H5
Veneto, Via Vittorio 2 J3
Acciaioli, Via	2 G4
Acqua Acetosa, Via 2 H1
Alberico II, Via	2 F3
Aldrovandi, Via	2 J1
Alessandria, Via	2 K3
Amba Aradam, Via 2 K7
Angelico, Viale	2 E2
Appia Nuova, Via	2 L7
Aracoeli, Piazza	2 H5
Arenula, Via	2 G5
Aurelia, Via	2 C4
Aventino, Viale	2 H7
Babuino, Via del	2 H3
Banchi Nuovi, Via 2 F4
Barberini, Piazza	2 J4
Barberini, Via	2 J4
Belle Arti, Viale	2 H1
Boncompagni, Via 2 J3
Borghese, Piazza 2 H3
Botteghe Oscure	2 H5
Britannia, Via	2 K7
Campidoglio, Piazza 2 H5
Campo de' Fiori	2 G5
Candia, Via	2 E3
Capo d'Africa, Via 2 J6
Cassia, Via	2 G1
Castello, Lungotevere 2 F4
Cavour, Via	2 J5
Cernaia, Via	2 K4
Cesi, Via Federico 2 F3
Cola di Rienzo, Via	2 F3
Colosseo, Piazza	2 J6
Condotti, Via dei	2 H4
Conciliazione, Via	2 F4
Corso, Via del	2 H4
Crescenzio, Via	2 F3
Due Macelli, Via	2 H4
Einaudi, Viale	2 K4
Esquilino, Piazza	2 K5
Farnese, Piazza	2 G5
Farnesina, Lungotevere 2 G5
Flaminia, Via	2 G1
Fori Imperiali, Via	2 J5
Frattina, Via	2 H4
Garibaldi, Via	2 G6
Gianicolense, Lungotevere 2 F5
Giolitti, Via	2 K5
Giulia, Via	2 F5
Goito, Via	2 K3
Indipendenza, Piazza	2 K4
Isola Tiberina	2 G6
Labicana, Via	2 K6
Lungara, Via della	2 F5
Manzoni, Viale	2 K6
Marsala, Via	2 K4
Mazzini, Viale	2 E1
Merulana, Via	2 K6
Monserrato, Via	2 G5
Navona, Piazza	2 G4
Nazionale, Via	2 J4
Orso, Via dell'	2 G4
Ostiense, Via	2 H8
Panisperna, Via	2 J5
Parlamento, Piazza 2 H4
Pia, Piazza	2 F4
Pinciana, Via	2 J2
Po, Via	2 K2
Popolo, Piazza del 2 H2
Porta Maggiore	2 L5
Prati, Lungotevere 2 G3
Quirinale, Via	2 J4
Repubblica, Piazza 2 K4
Ripetta, Via di	2 H3
Risorgimento, Piazza 2 E3
Salaria, Via	2 K2
San Pietro, Piazza 2 E4
Santo Spirito	2 F4
Spagna, Piazza di 2 H3
Sistina, Via	2 J4
Tritone, Via del	2 H4
Trastevere, Viale 2 G7
Trevi, Piazza di	2 H4
Venezia, Piazza 2 H5
Veneto, Via Vittorio 2 J3
Acciaioli, Via	2 G4
Acqua Acetosa, Via 2 H1
Alberico II, Via	2 F3
Aldrovandi, Via	2 J1
Alessandria, Via 2 K3
Amba Aradam, Via 2 K7
Angelico, Viale	2 E2
Appia Nuova, Via 2 L7
Aracoeli, Piazza 2 H5
Arenula, Via	2 G5
Aurelia, Via	2 C4
Aventino, Viale	2 H7
Babuino, Via del 2 H3
Banchi Nuovi, Via 2 F4
Barberini, Piazza 2 J4
Barberini, Via	2 J4
Belle Arti, Viale	2 H1
Boncompagni, Via 2 J3
Borghese, Piazza 2 H3
Botteghe Oscure 2 H5
Britannia, Via	2 K7
Campidoglio, Piazza 2 H5
Campo de' Fiori	2 G5
Candia, Via	2 E3
Capo d'Africa, Via	2 J6
Cassia, Via	2 G1
Castello, Lungotevere	2 F4
Cavour, Via	2 J5
Cernaia, Via	2 K4
Cesi, Via Federico	2 F3
Cola di Rienzo, Via	2 F3
Colosseo, Piazza	2 J6
Condotti, Via dei	2 H4
Conciliazione, Via	2 F4
Corso, Via del	2 H4
Crescenzio, Via	2 F3
Due Macelli, Via	2 H4
Einaudi, Viale	2 K4
Esquilino, Piazza	2 K5
Farnese, Piazza	2 G5
Farnesina, Lungotevere 2 G5
Flaminia, Via	2 G1
Fori Imperiali, Via	2 J5
Frattina, Via	2 H4
Garibaldi, Via	2 G6
Gianicolense, Lungotevere 2 F5
Giolitti, Via	2 K5
Giulia, Via	2 F5
Goito, Via	2 K3
Indipendenza, Piazza	2 K4
Isola Tiberina	2 G6
Labicana, Via	2 K6
Lungara, Via della 2 F5
Manzoni, Viale	2 K6
Marsala, Via	2 K4
Mazzini, Viale	2 E1
Merulana, Via	2 K6
Monserrato, Via	2 G5
Navona, Piazza	2 G4
Nazionale, Via	2 J4
Orso, Via dell'	2 G4
Ostiense, Via	2 H8
Panisperna, Via	2 J5
Parlamento, Piazza 2 H4
Pia, Piazza	2 F4
Pinciana, Via	2 J2
Po, Via	2 K2
Popolo, Piazza del 2 H2
Porta Maggiore	2 L5
Prati, Lungotevere 2 G3
Quirinale, Via	2 J4
Repubblica, Piazza 2 K4
Ripetta, Via di	2 H3
Risorgimento, Piazza 2 E3
Salaria, Via	2 K2
San Pietro, Piazza 2 E4
Santo Spirito	2 F4
Spagna, Piazza di 2 H3
Sistina, Via	2 J4
Tritone, Via del 2 H4
Trastevere, Viale 2 G7
Trevi, Piazza di 2 H4
Venezia, Piazza 2 H5
Veneto, Via Vittorio 2 J3
Acciaioli, Via	2 G4
Acqua Acetosa, Via 2 H1
Alberico II, Via	2 F3
Aldrovandi, Via	2 J1
Alessandria, Via 2 K3
Amba Aradam, Via 2 K7
Angelico, Viale	2 E2
Appia Nuova, Via 2 L7
Aracoeli, Piazza 2 H5
Arenula, Via	2 G5
Aurelia, Via	2 C4
Aventino, Viale 2 H7
Babuino, Via del 2 H3
Banchi Nuovi, Via 2 F4
Barberini, Piazza 2 J4
Barberini, Via	2 J4
Belle Arti, Viale 2 H1
Boncompagni, Via 2 J3
Borghese, Piazza	2 H3
Botteghe Oscure	2 H5
Britannia, Via	2 K7
Campidoglio, Piazza 2 H5
Campo de' Fiori	2 G5
Candia, Via	2 E3
Capo d'Africa, Via	2 J6
Cassia, Via	2 G1
Castello, Lungotevere 2 F4
Cavour, Via	2 J5
Cernaia, Via	2 K4
Cesi, Via Federico	2 F3
Cola di Rienzo, Via	2 F3
Colosseo, Piazza	2 J6
Condotti, Via dei	2 H4
Conciliazione, Via	2 F4
Corso, Via del	2 H4
Crescenzio, Via	2 F3
Due Macelli, Via	2 H4
Einaudi, Viale	2 K4
Esquilino, Piazza	2 K5
Farnese, Piazza	2 G5
Farnesina, Lungotevere 2 G5
Flaminia, Via	2 G1
Fori Imperiali, Via	2 J5
Frattina, Via	2 H4
Garibaldi, Via	2 G6
Gianicolense, Lungotevere 2 F5
Giolitti, Via	2 K5
Giulia, Via	2 F5
Goito, Via	2 K3
Indipendenza, Piazza	2 K4
Isola Tiberina	2 G6
Labicana, Via	2 K6
Lungara, Via della	2 F5
Manzoni, Viale	2 K6
Marsala, Via	2 K4
Mazzini, Viale	2 E1
Merulana, Via	2 K6
Monserrato, Via	2 G5
Navona, Piazza	2 G4
Nazionale, Via	2 J4
Orso, Via dell'	2 G4
Ostiense, Via	2 H8
Panisperna, Via	2 J5
Parlamento, Piazza	2 H4
Pia, Piazza	2 F4
Pinciana, Via	2 J2
Po, Via	2 K2
Popolo, Piazza del	2 H2
Porta Maggiore	2 L5
Prati, Lungotevere	2 G3
Quirinale, Via	2 J4
Repubblica, Piazza 2 K4
Ripetta, Via di	2 H3
Risorgimento, Piazza 2 E3
Salaria, Via	2 K2
San Pietro, Piazza 2 E4
Santo Spirito	2 F4
Spagna, Piazza di 2 H3
Sistina, Via	2 J4
Tritone, Via del	2 H4
Trastevere, Viale 2 G7
Trevi, Piazza di	2 H4
Venezia, Piazza	2 H5
Veneto, Via Vittorio 2 J3
Acciaioli, Via	2 G4
Acqua Acetosa, Via 2 H1
Alberico II, Via	2 F3
Aldrovandi, Via	2 J1
Alessandria, Via	2 K3
Amba Aradam, Via 2 K7
Angelico, Viale	2 E2
Appia Nuova, Via 2 L7
Aracoeli, Piazza	2 H5
Arenula, Via	2 G5
Aurelia, Via	2 C4
Aventino, Viale	2 H7
